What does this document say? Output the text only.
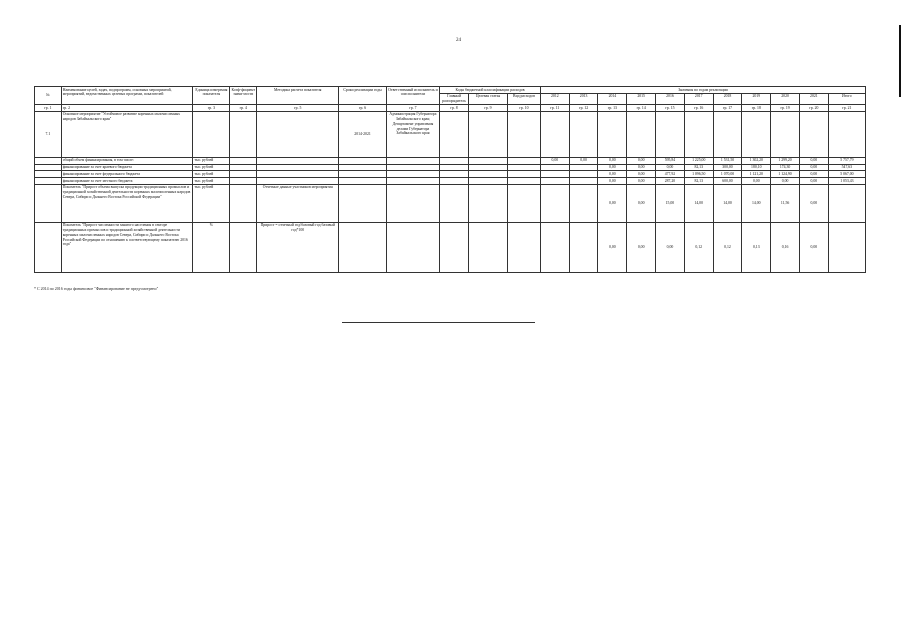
24
№	Наименование целей, задач, подпрограмм, основных мероприятий, мероприятий, ведомственных целевых программ, показателей	Единица измерения показателя	Коэф-фициент значи-мости	Методика расчета показателя	Сроки реализации годы	Ответственный исполнитель и соисполнители	Коды бюджетной классификации расходов			Значения по годам реализации										
							Главный распорядитель	Целевая статья	Вид расходов	2012	2013	2014	2015	2016	2017	2018	2019	2020	2021	Итого
гр. 1	гр. 2	гр. 3	гр. 4	гр. 5	гр. 6	гр. 7	гр. 8	гр. 9	гр. 10	гр. 11	гр. 12	гр. 13	гр. 14	гр. 15	гр. 16	гр. 17	гр. 18	гр. 19	гр. 20	гр. 21
7.1	Основное мероприятие "Устойчивое развитие коренных малочисленных народов Забайкальского края"				2014-2021	Администрация Губернатора Забайкальского края; Департамент управления делами Губернатора Забайкальского края														
	общий объем финансирования, в том числе:	тыс. рублей								0,00	0,00	0,00	0,00	595,84	1 225,00	1 531,50	1 302,20	1 299,20	0,00	5 757,79
	финансирование за счет краевого бюджета	тыс. рублей										0,00	0,00	0,00	82,13	300,00	180,10	174,30	0,00	547,63
	финансирование за счет федерального бюджета	тыс. рублей										0,00	0,00	477,92	1 096,50	1 070,00	1 121,20	1 124,90	0,00	5 067,00
	финансирование за счет местного бюджета	тыс. рублей										0,00	0,00	287,20	82,13	600,00	0,00	0,00	0,00	1 053,43
	Показатель "Прирост объема выпуска продукции традиционных промыслов и традиционной хозяйственной деятельности коренных малочисленных народов Севера, Сибири и Дальнего Востока Российской Федерации"	тыс. рублей		Отчетные данные участников мероприятия								0,00	0,00	15,00	14,00	14,00	14,00	11,56	0,00	
	Показатель "Прирост численности занятого населения в секторе традиционных промыслов и традиционной хозяйственной деятельности коренных малочисленных народов Севера, Сибири и Дальнего Востока Российской Федерации по отношению к соответствующему показателю 2016 года"	%		Прирост = отчетный год/базовый год базовый год*100								0,00	0,00	0,00	0,12	0,12	0,13	0,16	0,00	
* С 2014 по 2016 годы финансовое "Финансирование не предусмотрено"
